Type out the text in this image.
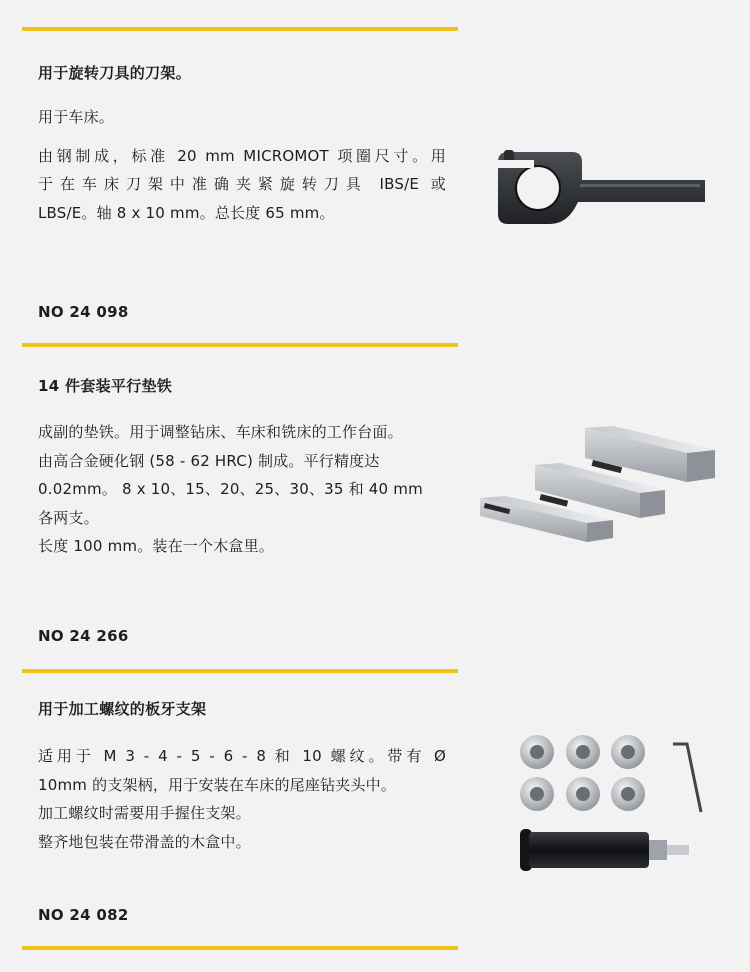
用于旋转刀具的刀架。

用于车床。

由钢制成，标准 20 mm MICROMOT 项圈尺寸。用
于在车床刀架中准确夹紧旋转刀具 IBS/E 或
LBS/E。轴 8 x 10 mm。总长度 65 mm。

NO 24 098
14 件套装平行垫铁

成副的垫铁。用于调整钻床、车床和铣床的工作台面。
由高合金硬化钢 (58 - 62 HRC) 制成。平行精度达
0.02mm。 8 x 10、15、20、25、30、35 和 40 mm
各两支。
长度 100 mm。装在一个木盒里。

NO 24 266
用于加工螺纹的板牙支架

适用于 M 3 - 4 - 5 - 6 - 8 和 10 螺纹。带有 Ø
10mm 的支架柄，用于安装在车床的尾座钻夹头中。
加工螺纹时需要用手握住支架。
整齐地包装在带滑盖的木盒中。

NO 24 082
